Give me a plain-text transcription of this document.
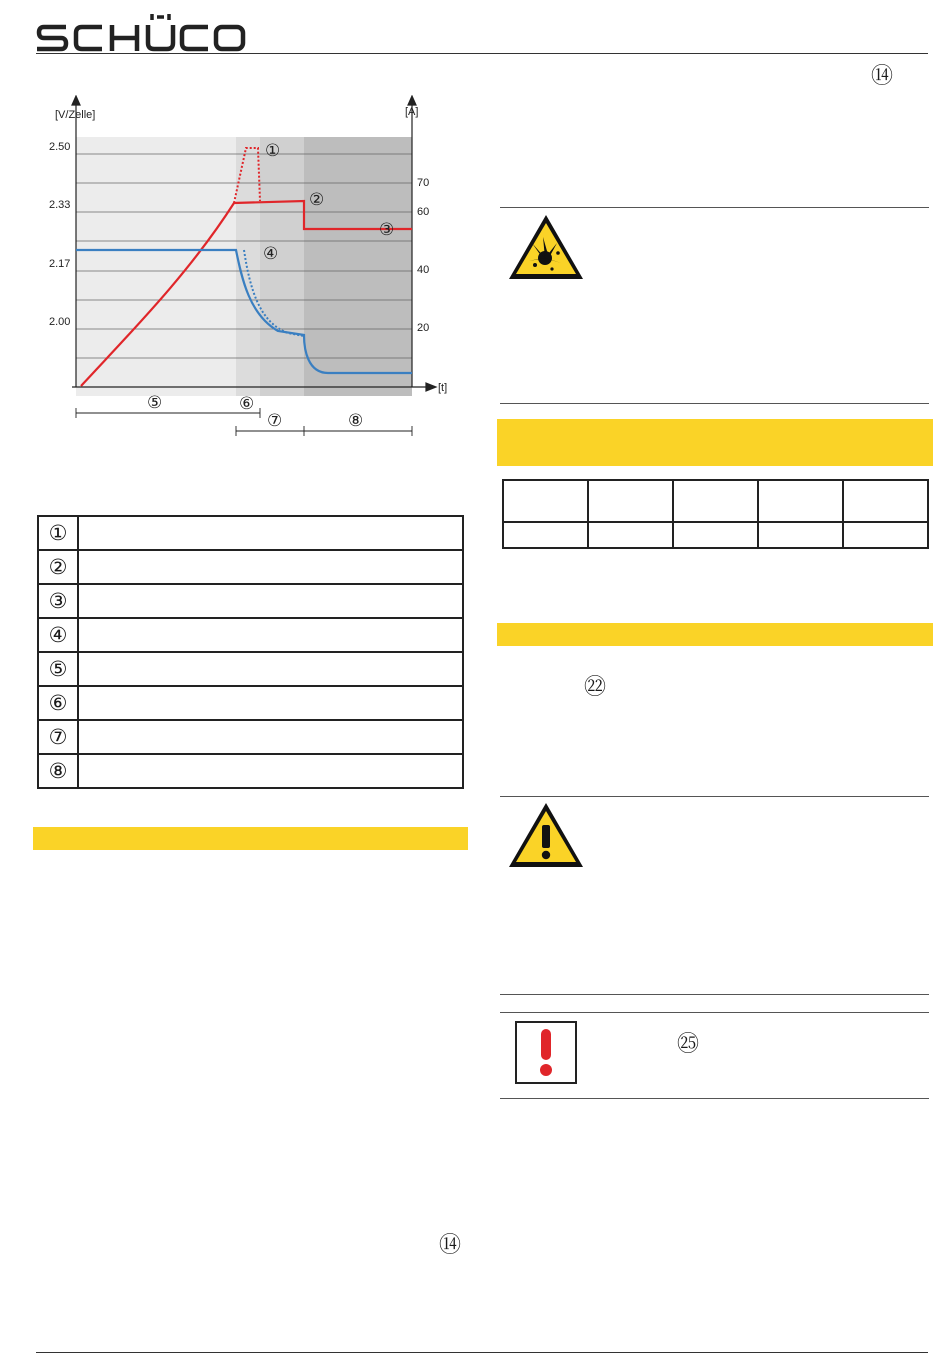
[V/Zelle]	[A]
[t]
2.50
2.33
2.17
2.00
70
60
40
20
①
②
③
④
⑤	⑥
⑦	⑧
①	
②	
③	
④	
⑤	
⑥	
⑦	
⑧	
⑭
⑭

㉒
㉕
